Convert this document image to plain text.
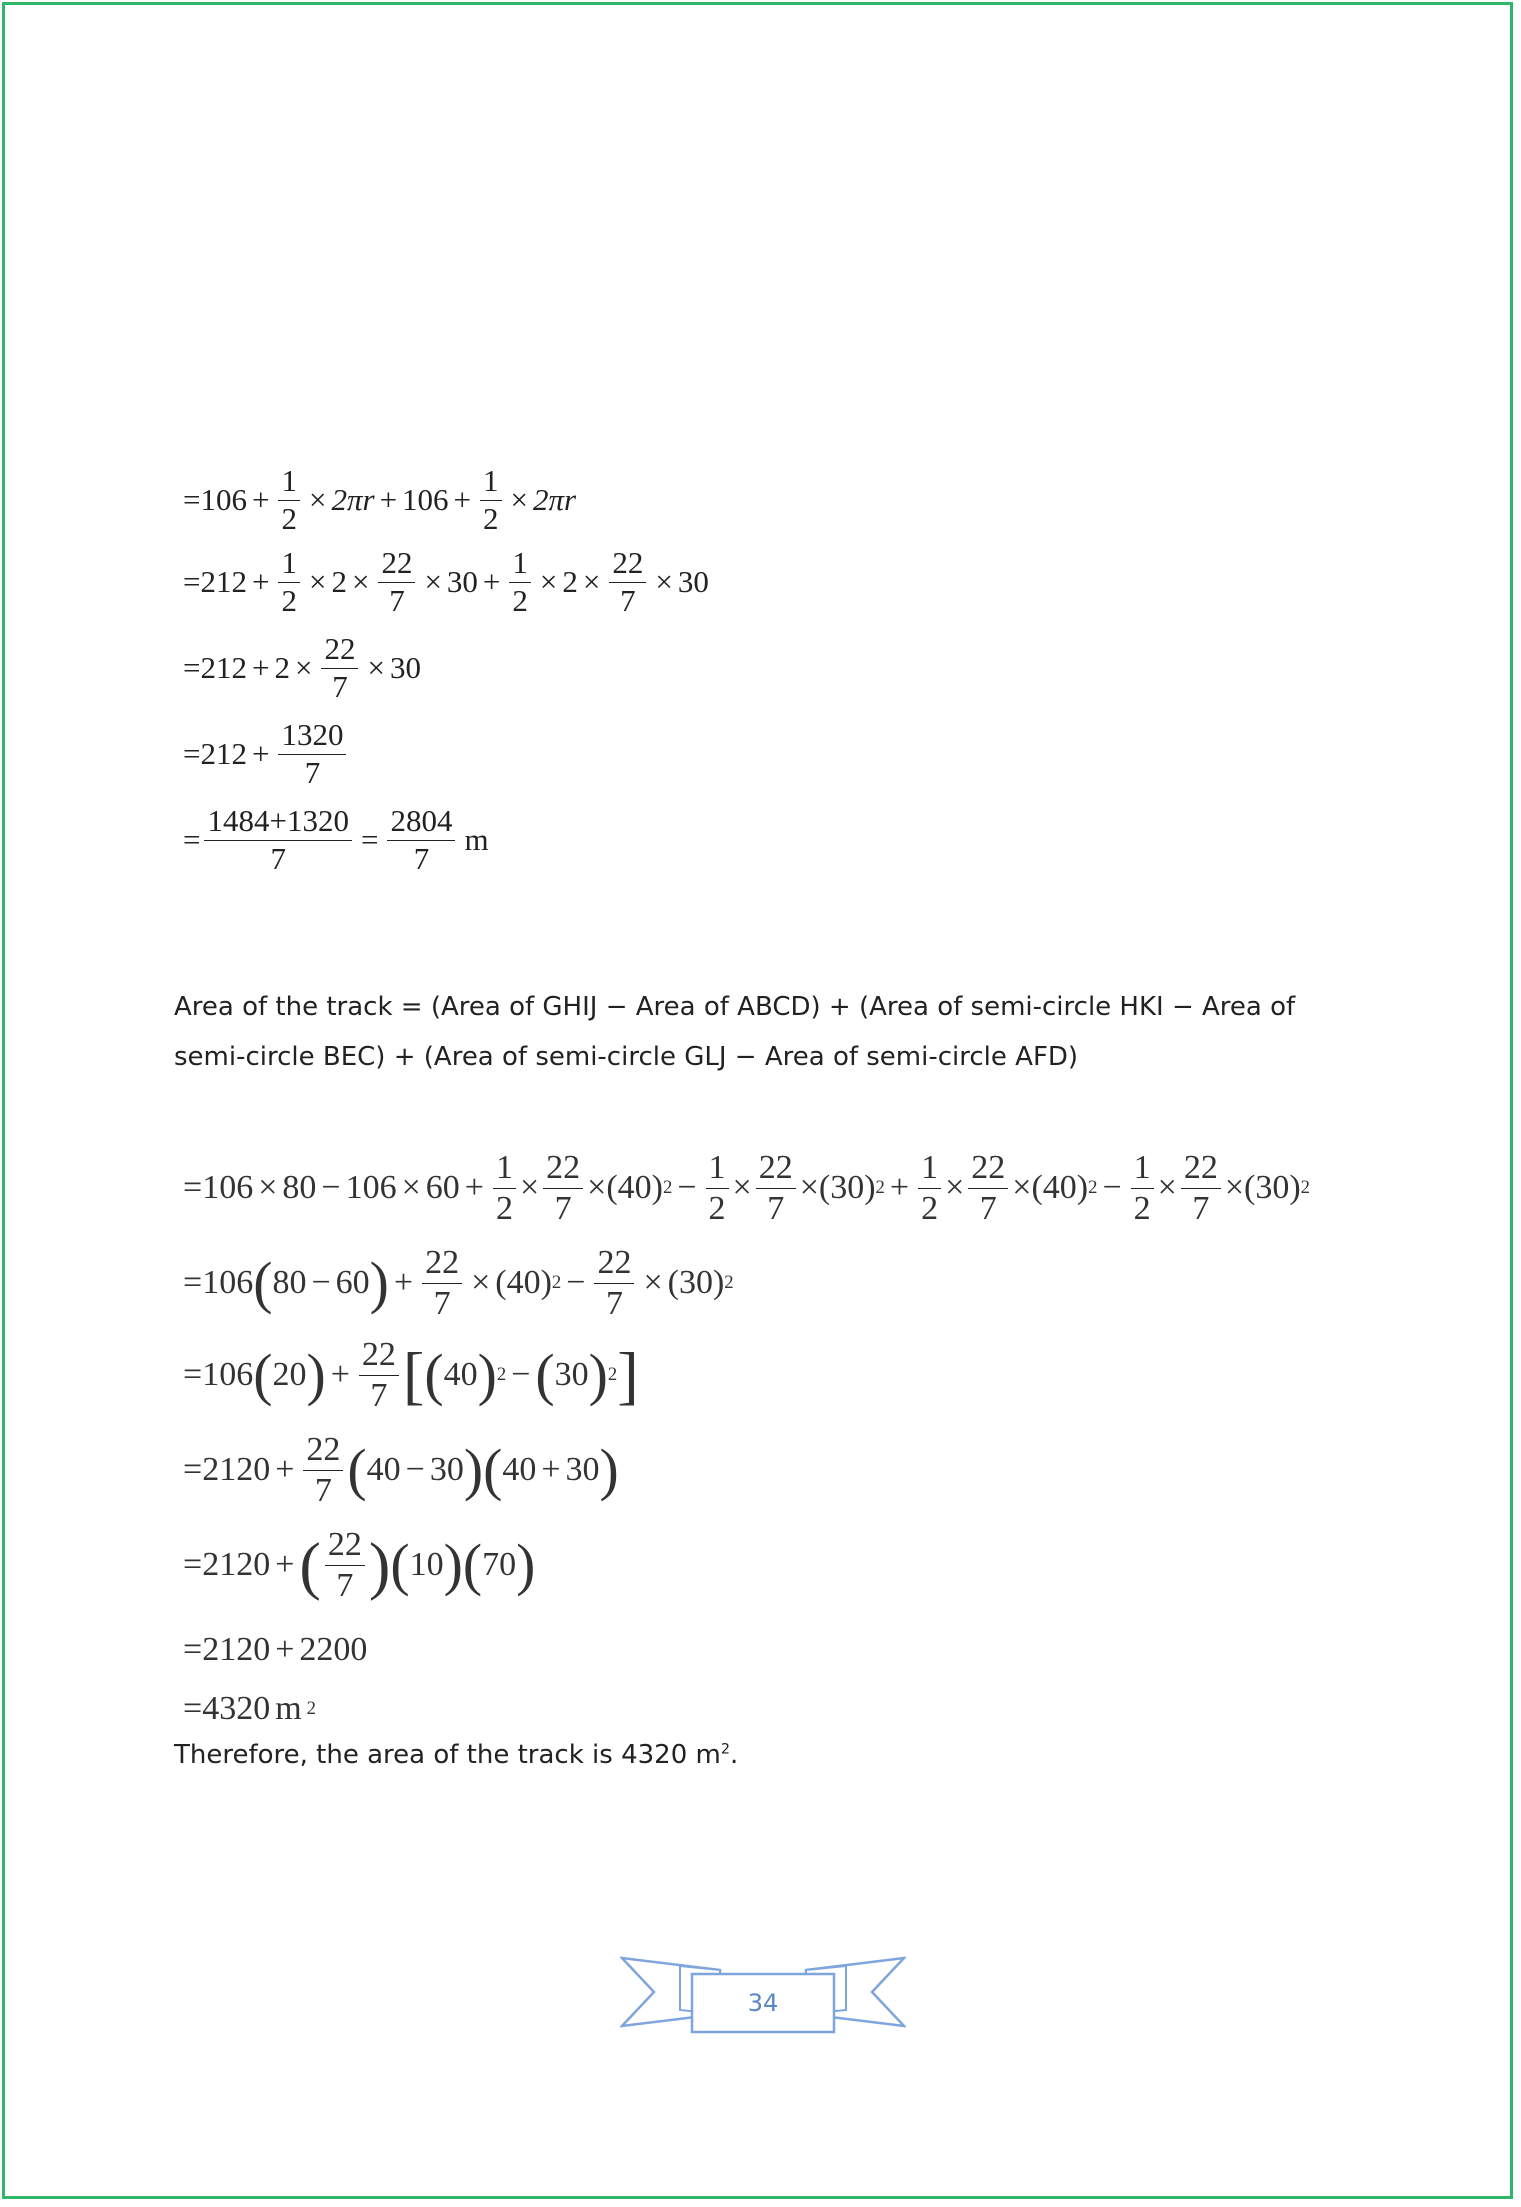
= $106 + \frac{1}{2} \times 2\pi r + 106 + \frac{1}{2} \times 2\pi r$
= $212 + \frac{1}{2} \times 2 \times \frac{22}{7} \times 30 + \frac{1}{2} \times 2 \times \frac{22}{7} \times 30$
= $212 + 2 \times \frac{22}{7} \times 30$
= $212 + \frac{1320}{7}$
= $\frac{1484+1320}{7} = \frac{2804}{7}$ m
Area of the track = (Area of GHIJ − Area of ABCD) + (Area of semi-circle HKI − Area of
semi-circle BEC) + (Area of semi-circle GLJ − Area of semi-circle AFD)
= $106 \times 80 - 106 \times 60 + \frac{1}{2} \times \frac{22}{7}$ × ( 40 ) $2 - \frac{1}{2} \times \frac{22}{7}$ × ( 30 ) $2 + \frac{1}{2} \times \frac{22}{7}$ × ( 40 ) $2 - \frac{1}{2} \times \frac{22}{7}$ × ( 30 ) 2
= 106 ( 80 − 60 ) + $\frac{22}{7}$ × ( 40 ) $2 - \frac{22}{7}$ × ( 30 ) 2
= 106 ( 20 ) + $\frac{22}{7}$ [ ( 40 ) 2 − ( 30 ) 2 ]
= $2120 + \frac{22}{7}$ ( 40 − 30 ) ( 40 + 30 )
= 2120 + ( $\frac{22}{7}$ ) ( 10 ) ( 70 )
= 2120 + 2200
= 4320 m 2
Therefore, the area of the track is 4320 $m^2$.
34
